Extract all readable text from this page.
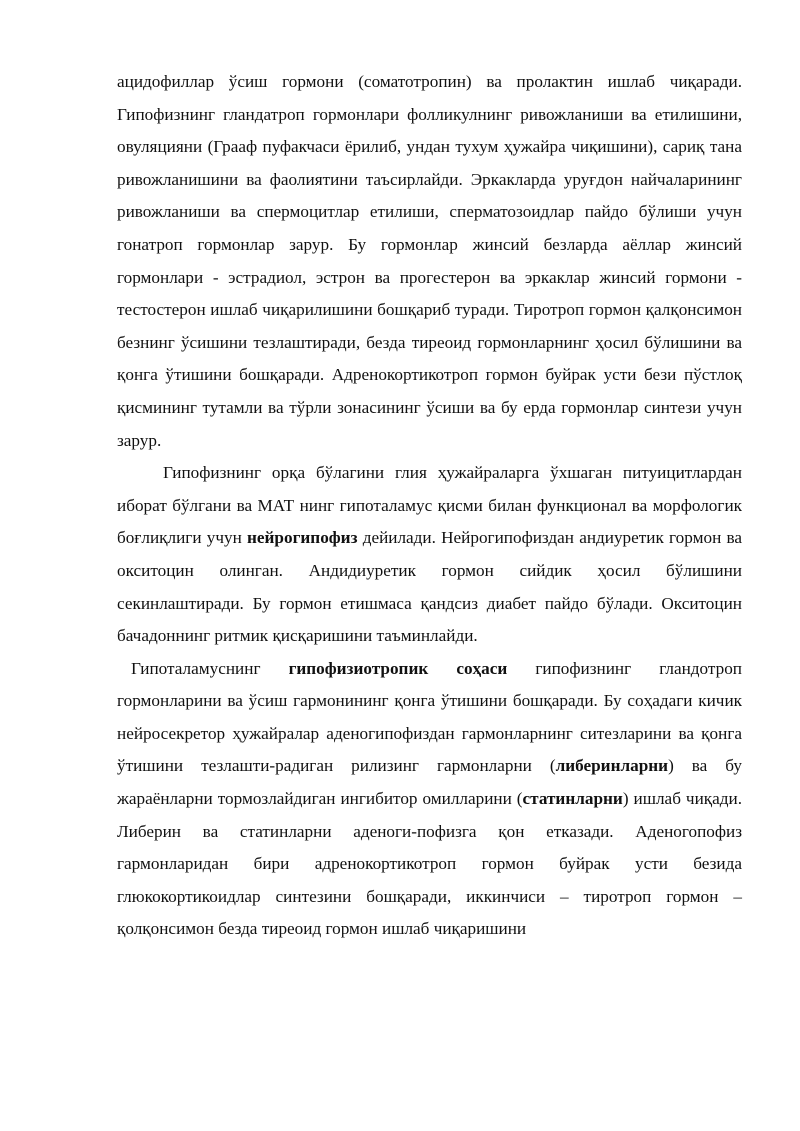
ацидофиллар ўсиш гормони (соматотропин) ва пролактин ишлаб чиқаради. Гипофизнинг гландатроп гормонлари фолликулнинг ривожланиши ва етилишини, овуляцияни (Грааф пуфакчаси ёрилиб, ундан тухум ҳужайра чиқишини), сариқ тана ривожланишини ва фаолиятини таъсирлайди. Эркакларда уруғдон найчаларининг ривожланиши ва спермоцитлар етилиши, сперматозоидлар пайдо бўлиши учун гонатроп гормонлар зарур. Бу гормонлар жинсий безларда аёллар жинсий гормонлари - эстрадиол, эстрон ва прогестерон ва эркаклар жинсий гормони - тестостерон ишлаб чиқарилишини бошқариб туради. Тиротроп гормон қалқонсимон безнинг ўсишини тезлаштиради, безда тиреоид гормонларнинг ҳосил бўлишини ва қонга ўтишини бошқаради. Адренокортикотроп гормон буйрак усти бези пўстлоқ қисмининг тутамли ва тўрли зонасининг ўсиши ва бу ерда гормонлар синтези учун зарур.

Гипофизнинг орқа бўлагини глия ҳужайраларга ўхшаган питуицитлардан иборат бўлгани ва МАТ нинг гипоталамус қисми билан функционал ва морфологик боғлиқлиги учун нейрогипофиз дейилади. Нейрогипофиздан андиуретик гормон ва окситоцин олинган. Андидиуретик гормон сийдик ҳосил бўлишини секинлаштиради. Бу гормон етишмаса қандсиз диабет пайдо бўлади. Окситоцин бачадоннинг ритмик қисқаришини таъминлайди.

Гипоталамуснинг гипофизиотропик соҳаси гипофизнинг гландотроп гормонларини ва ўсиш гармонининг қонга ўтишини бошқаради. Бу соҳадаги кичик нейросекретор ҳужайралар аденогипофиздан гармонларнинг ситезларини ва қонга ўтишини тезлашти-радиган рилизинг гармонларни (либеринларни) ва бу жараёнларни тормозлайдиган ингибитор омилларини (статинларни) ишлаб чиқади. Либерин ва статинларни аденоги-пофизга қон етказади. Аденогопофиз гармонларидан бири адренокортикотроп гормон буйрак усти безида глюкокортикоидлар синтезини бошқаради, иккинчиси – тиротроп гормон – қолқонсимон безда тиреоид гормон ишлаб чиқаришини
